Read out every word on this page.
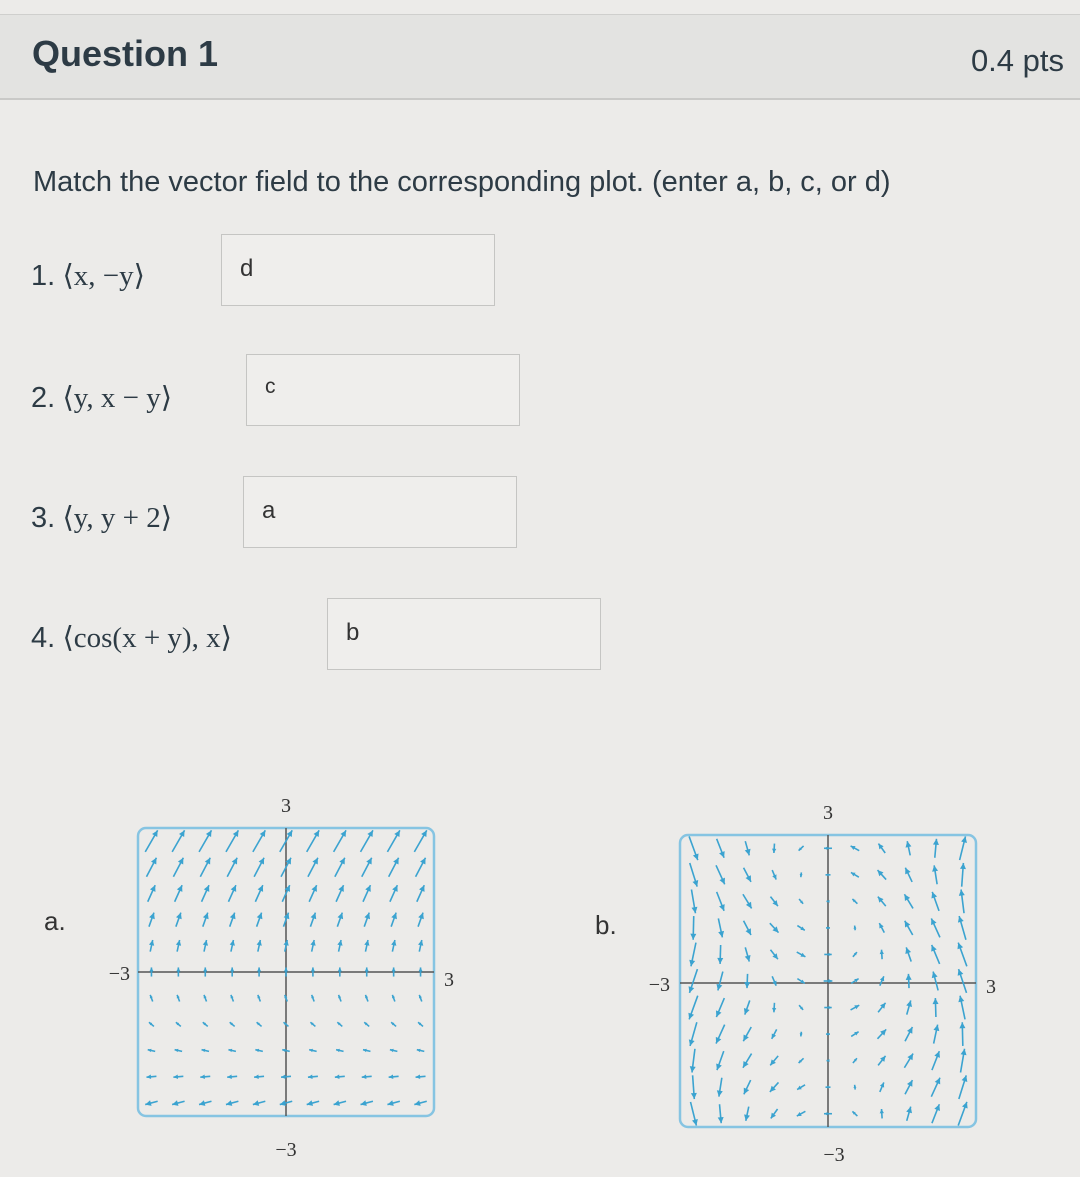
Question 1	0.4 pts
Match the vector field to the corresponding plot. (enter a, b, c, or d)
1. ⟨x, −y⟩	d
2. ⟨y, x − y⟩	c
3. ⟨y, y + 2⟩	a
4. ⟨cos(x + y), x⟩	b
a.	b.
3
−3
−3	3
3
−3
−3	3
